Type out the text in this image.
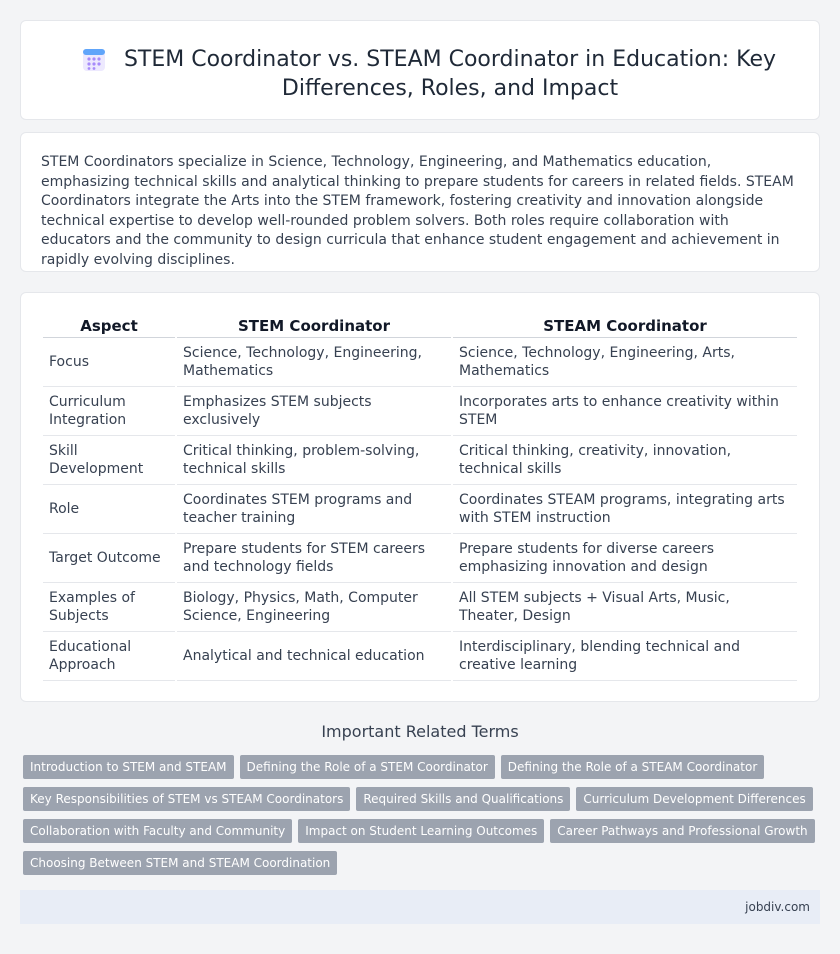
STEM Coordinator vs. STEAM Coordinator in Education: Key Differences, Roles, and Impact

STEM Coordinators specialize in Science, Technology, Engineering, and Mathematics education, emphasizing technical skills and analytical thinking to prepare students for careers in related fields. STEAM Coordinators integrate the Arts into the STEM framework, fostering creativity and innovation alongside technical expertise to develop well-rounded problem solvers. Both roles require collaboration with educators and the community to design curricula that enhance student engagement and achievement in rapidly evolving disciplines.

Aspect	STEM Coordinator	STEAM Coordinator
Focus	Science, Technology, Engineering, Mathematics	Science, Technology, Engineering, Arts, Mathematics
Curriculum Integration	Emphasizes STEM subjects exclusively	Incorporates arts to enhance creativity within STEM
Skill Development	Critical thinking, problem-solving, technical skills	Critical thinking, creativity, innovation, technical skills
Role	Coordinates STEM programs and teacher training	Coordinates STEAM programs, integrating arts with STEM instruction
Target Outcome	Prepare students for STEM careers and technology fields	Prepare students for diverse careers emphasizing innovation and design
Examples of Subjects	Biology, Physics, Math, Computer Science, Engineering	All STEM subjects + Visual Arts, Music, Theater, Design
Educational Approach	Analytical and technical education	Interdisciplinary, blending technical and creative learning
Important Related Terms
Introduction to STEM and STEAM Defining the Role of a STEM Coordinator Defining the Role of a STEAM Coordinator
Key Responsibilities of STEM vs STEAM Coordinators Required Skills and Qualifications Curriculum Development Differences
Collaboration with Faculty and Community Impact on Student Learning Outcomes Career Pathways and Professional Growth
Choosing Between STEM and STEAM Coordination
jobdiv.com
